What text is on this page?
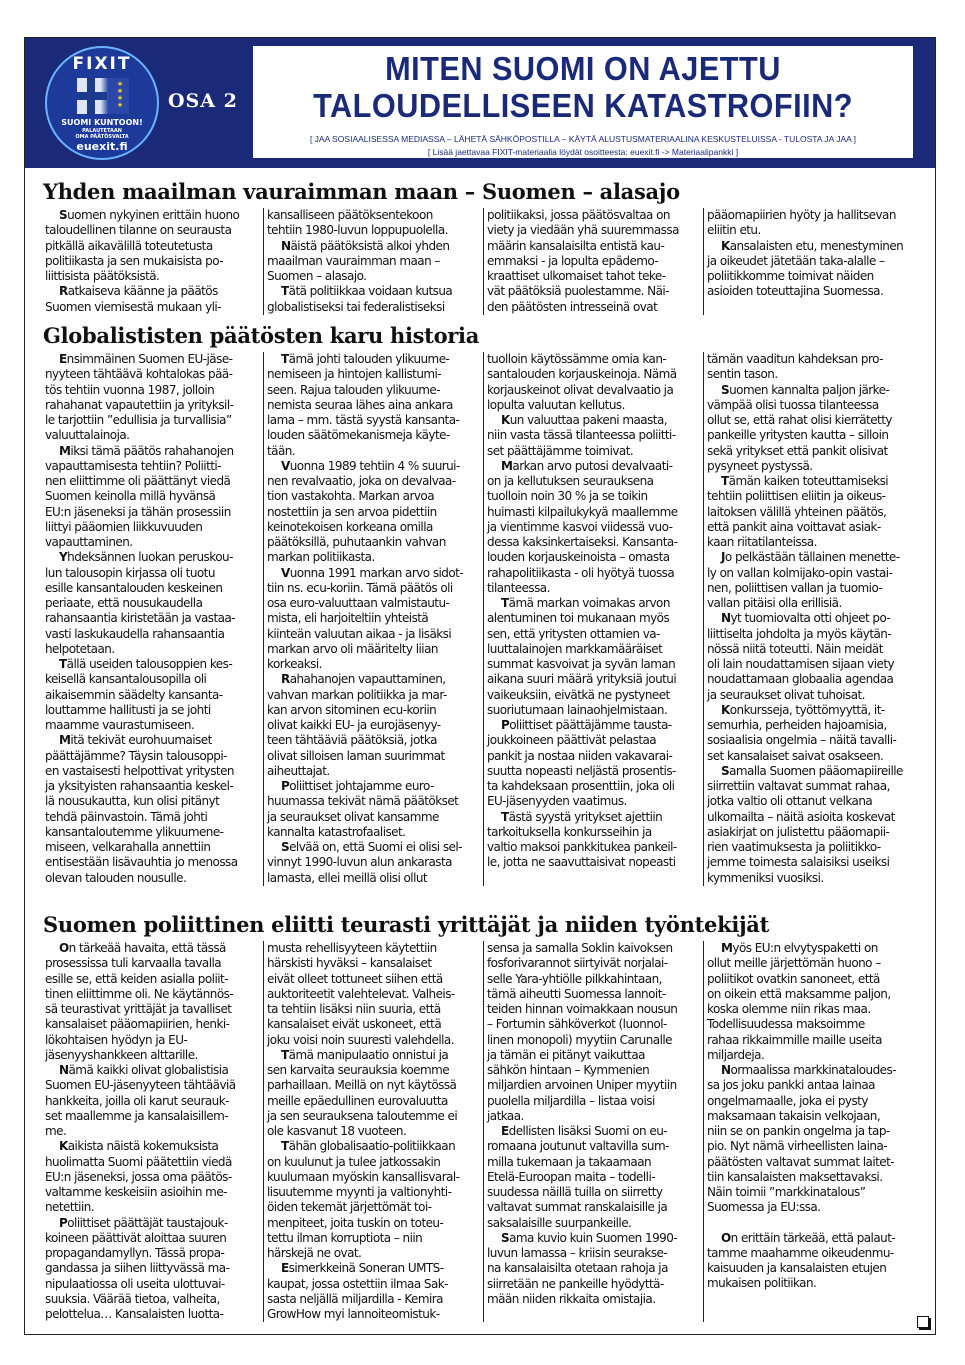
FIXIT
★
★
★
★
SUOMI KUNTOON!
PALAUTETAAN
OMA PÄÄTÖSVALTA
euexit.fi
OSA 2
MITEN SUOMI ON AJETTU
TALOUDELLISEEN KATASTROFIIN?
[ JAA SOSIAALISESSA MEDIASSA – LÄHETÄ SÄHKÖPOSTILLA – KÄYTÄ ALUSTUSMATERIAALINA KESKUSTELUISSA - TULOSTA JA JAA ]
[ Lisää jaettavaa FIXIT-materiaalia löydät osoitteesta: euexit.fi -> Materiaalipankki ]
Yhden maailman vauraimman maan – Suomen – alasajo

Suomen nykyinen erittäin huono

taloudellinen tilanne on seurausta

pitkällä aikavälillä toteutetusta

politiikasta ja sen mukaisista po-

liittisista päätöksistä.

Ratkaiseva käänne ja päätös

Suomen viemisestä mukaan yli-

kansalliseen päätöksentekoon

tehtiin 1980-luvun loppupuolella.

Näistä päätöksistä alkoi yhden

maailman vauraimman maan –

Suomen – alasajo.

Tätä politiikkaa voidaan kutsua

globalistiseksi tai federalistiseksi

politiikaksi, jossa päätösvaltaa on

viety ja viedään yhä suuremmassa

määrin kansalaisilta entistä kau-

emmaksi - ja lopulta epädemo-

kraattiset ulkomaiset tahot teke-

vät päätöksiä puolestamme. Näi-

den päätösten intresseinä ovat

pääomapiirien hyöty ja hallitsevan

eliitin etu.

Kansalaisten etu, menestyminen

ja oikeudet jätetään taka-alalle –

poliitikkomme toimivat näiden

asioiden toteuttajina Suomessa.

Globalististen päätösten karu historia

Ensimmäinen Suomen EU-jäse-

nyyteen tähtäävä kohtalokas pää-

tös tehtiin vuonna 1987, jolloin

rahahanat vapautettiin ja yrityksil-

le tarjottiin ”edullisia ja turvallisia”

valuuttalainoja.

Miksi tämä päätös rahahanojen

vapauttamisesta tehtiin? Poliitti-

nen eliittimme oli päättänyt viedä

Suomen keinolla millä hyvänsä

EU:n jäseneksi ja tähän prosessiin

liittyi pääomien liikkuvuuden

vapauttaminen.

Yhdeksännen luokan peruskou-

lun talousopin kirjassa oli tuotu

esille kansantalouden keskeinen

periaate, että nousukaudella

rahansaantia kiristetään ja vastaa-

vasti laskukaudella rahansaantia

helpotetaan.

Tällä useiden talousoppien kes-

keisellä kansantalousopilla oli

aikaisemmin säädelty kansanta-

louttamme hallitusti ja se johti

maamme vaurastumiseen.

Mitä tekivät eurohuumaiset

päättäjämme? Täysin talousoppi-

en vastaisesti helpottivat yritysten

ja yksityisten rahansaantia keskel-

lä nousukautta, kun olisi pitänyt

tehdä päinvastoin. Tämä johti

kansantaloutemme ylikuumene-

miseen, velkarahalla annettiin

entisestään lisävauhtia jo menossa

olevan talouden nousulle.

Tämä johti talouden ylikuume-

nemiseen ja hintojen kallistumi-

seen. Rajua talouden ylikuume-

nemista seuraa lähes aina ankara

lama – mm. tästä syystä kansanta-

louden säätömekanismeja käyte-

tään.

Vuonna 1989 tehtiin 4 % suurui-

nen revalvaatio, joka on devalvaa-

tion vastakohta. Markan arvoa

nostettiin ja sen arvoa pidettiin

keinotekoisen korkeana omilla

päätöksillä, puhutaankin vahvan

markan politiikasta.

Vuonna 1991 markan arvo sidot-

tiin ns. ecu-koriin. Tämä päätös oli

osa euro-valuuttaan valmistautu-

mista, eli harjoiteltiin yhteistä

kiinteän valuutan aikaa - ja lisäksi

markan arvo oli määritelty liian

korkeaksi.

Rahahanojen vapauttaminen,

vahvan markan politiikka ja mar-

kan arvon sitominen ecu-koriin

olivat kaikki EU- ja eurojäsenyy-

teen tähtääviä päätöksiä, jotka

olivat silloisen laman suurimmat

aiheuttajat.

Poliittiset johtajamme euro-

huumassa tekivät nämä päätökset

ja seuraukset olivat kansamme

kannalta katastrofaaliset.

Selvää on, että Suomi ei olisi sel-

vinnyt 1990-luvun alun ankarasta

lamasta, ellei meillä olisi ollut

tuolloin käytössämme omia kan-

santalouden korjauskeinoja. Nämä

korjauskeinot olivat devalvaatio ja

lopulta valuutan kellutus.

Kun valuuttaa pakeni maasta,

niin vasta tässä tilanteessa poliitti-

set päättäjämme toimivat.

Markan arvo putosi devalvaati-

on ja kellutuksen seurauksena

tuolloin noin 30 % ja se toikin

huimasti kilpailukykyä maallemme

ja vientimme kasvoi viidessä vuo-

dessa kaksinkertaiseksi. Kansanta-

louden korjauskeinoista – omasta

rahapolitiikasta - oli hyötyä tuossa

tilanteessa.

Tämä markan voimakas arvon

alentuminen toi mukanaan myös

sen, että yritysten ottamien va-

luuttalainojen markkamääräiset

summat kasvoivat ja syvän laman

aikana suuri määrä yrityksiä joutui

vaikeuksiin, eivätkä ne pystyneet

suoriutumaan lainaohjelmistaan.

Poliittiset päättäjämme tausta-

joukkoineen päättivät pelastaa

pankit ja nostaa niiden vakavarai-

suutta nopeasti neljästä prosentis-

ta kahdeksaan prosenttiin, joka oli

EU-jäsenyyden vaatimus.

Tästä syystä yritykset ajettiin

tarkoituksella konkursseihin ja

valtio maksoi pankkitukea pankeil-

le, jotta ne saavuttaisivat nopeasti

tämän vaaditun kahdeksan pro-

sentin tason.

Suomen kannalta paljon järke-

vämpää olisi tuossa tilanteessa

ollut se, että rahat olisi kierrätetty

pankeille yritysten kautta – silloin

sekä yritykset että pankit olisivat

pysyneet pystyssä.

Tämän kaiken toteuttamiseksi

tehtiin poliittisen eliitin ja oikeus-

laitoksen välillä yhteinen päätös,

että pankit aina voittavat asiak-

kaan riitatilanteissa.

Jo pelkästään tällainen menette-

ly on vallan kolmijako-opin vastai-

nen, poliittisen vallan ja tuomio-

vallan pitäisi olla erillisiä.

Nyt tuomiovalta otti ohjeet po-

liittiselta johdolta ja myös käytän-

nössä niitä toteutti. Näin meidät

oli lain noudattamisen sijaan viety

noudattamaan globaalia agendaa

ja seuraukset olivat tuhoisat.

Konkursseja, työttömyyttä, it-

semurhia, perheiden hajoamisia,

sosiaalisia ongelmia – näitä tavalli-

set kansalaiset saivat osakseen.

Samalla Suomen pääomapiireille

siirrettiin valtavat summat rahaa,

jotka valtio oli ottanut velkana

ulkomailta – näitä asioita koskevat

asiakirjat on julistettu pääomapii-

rien vaatimuksesta ja poliitikko-

jemme toimesta salaisiksi useiksi

kymmeniksi vuosiksi.

Suomen poliittinen eliitti teurasti yrittäjät ja niiden työntekijät

On tärkeää havaita, että tässä

prosessissa tuli karvaalla tavalla

esille se, että keiden asialla poliit-

tinen eliittimme oli. Ne käytännös-

sä teurastivat yrittäjät ja tavalliset

kansalaiset pääomapiirien, henki-

lökohtaisen hyödyn ja EU-

jäsenyyshankkeen alttarille.

Nämä kaikki olivat globalistisia

Suomen EU-jäsenyyteen tähtääviä

hankkeita, joilla oli karut seurauk-

set maallemme ja kansalaisillem-

me.

Kaikista näistä kokemuksista

huolimatta Suomi päätettiin viedä

EU:n jäseneksi, jossa oma päätös-

valtamme keskeisiin asioihin me-

netettiin.

Poliittiset päättäjät taustajouk-

koineen päättivät aloittaa suuren

propagandamyllyn. Tässä propa-

gandassa ja siihen liittyvässä ma-

nipulaatiossa oli useita ulottuvai-

suuksia. Väärää tietoa, valheita,

pelottelua… Kansalaisten luotta-

musta rehellisyyteen käytettiin

härskisti hyväksi – kansalaiset

eivät olleet tottuneet siihen että

auktoriteetit valehtelevat. Valheis-

ta tehtiin lisäksi niin suuria, että

kansalaiset eivät uskoneet, että

joku voisi noin suuresti valehdella.

Tämä manipulaatio onnistui ja

sen karvaita seurauksia koemme

parhaillaan. Meillä on nyt käytössä

meille epäedullinen eurovaluutta

ja sen seurauksena taloutemme ei

ole kasvanut 18 vuoteen.

Tähän globalisaatio-politiikkaan

on kuulunut ja tulee jatkossakin

kuulumaan myöskin kansallisvaral-

lisuutemme myynti ja valtionyhti-

öiden tekemät järjettömät toi-

menpiteet, joita tuskin on toteu-

tettu ilman korruptiota – niin

härskejä ne ovat.

Esimerkkeinä Soneran UMTS-

kaupat, jossa ostettiin ilmaa Sak-

sasta neljällä miljardilla - Kemira

GrowHow myi lannoiteomistuk-

sensa ja samalla Soklin kaivoksen

fosforivarannot siirtyivät norjalai-

selle Yara-yhtiölle pilkkahintaan,

tämä aiheutti Suomessa lannoit-

teiden hinnan voimakkaan nousun

– Fortumin sähköverkot (luonnol-

linen monopoli) myytiin Carunalle

ja tämän ei pitänyt vaikuttaa

sähkön hintaan – Kymmenien

miljardien arvoinen Uniper myytiin

puolella miljardilla – listaa voisi

jatkaa.

Edellisten lisäksi Suomi on eu-

romaana joutunut valtavilla sum-

milla tukemaan ja takaamaan

Etelä-Euroopan maita – todelli-

suudessa näillä tuilla on siirretty

valtavat summat ranskalaisille ja

saksalaisille suurpankeille.

Sama kuvio kuin Suomen 1990-

luvun lamassa – kriisin seurakse-

na kansalaisilta otetaan rahoja ja

siirretään ne pankeille hyödyttä-

mään niiden rikkaita omistajia.

Myös EU:n elvytyspaketti on

ollut meille järjettömän huono –

poliitikot ovatkin sanoneet, että

on oikein että maksamme paljon,

koska olemme niin rikas maa.

Todellisuudessa maksoimme

rahaa rikkaimmille maille useita

miljardeja.

Normaalissa markkinataloudes-

sa jos joku pankki antaa lainaa

ongelmamaalle, joka ei pysty

maksamaan takaisin velkojaan,

niin se on pankin ongelma ja tap-

pio. Nyt nämä virheellisten laina-

päätösten valtavat summat laitet-

tiin kansalaisten maksettavaksi.

Näin toimii ”markkinatalous”

Suomessa ja EU:ssa.

On erittäin tärkeää, että palaut-

tamme maahamme oikeudenmu-

kaisuuden ja kansalaisten etujen

mukaisen politiikan.
